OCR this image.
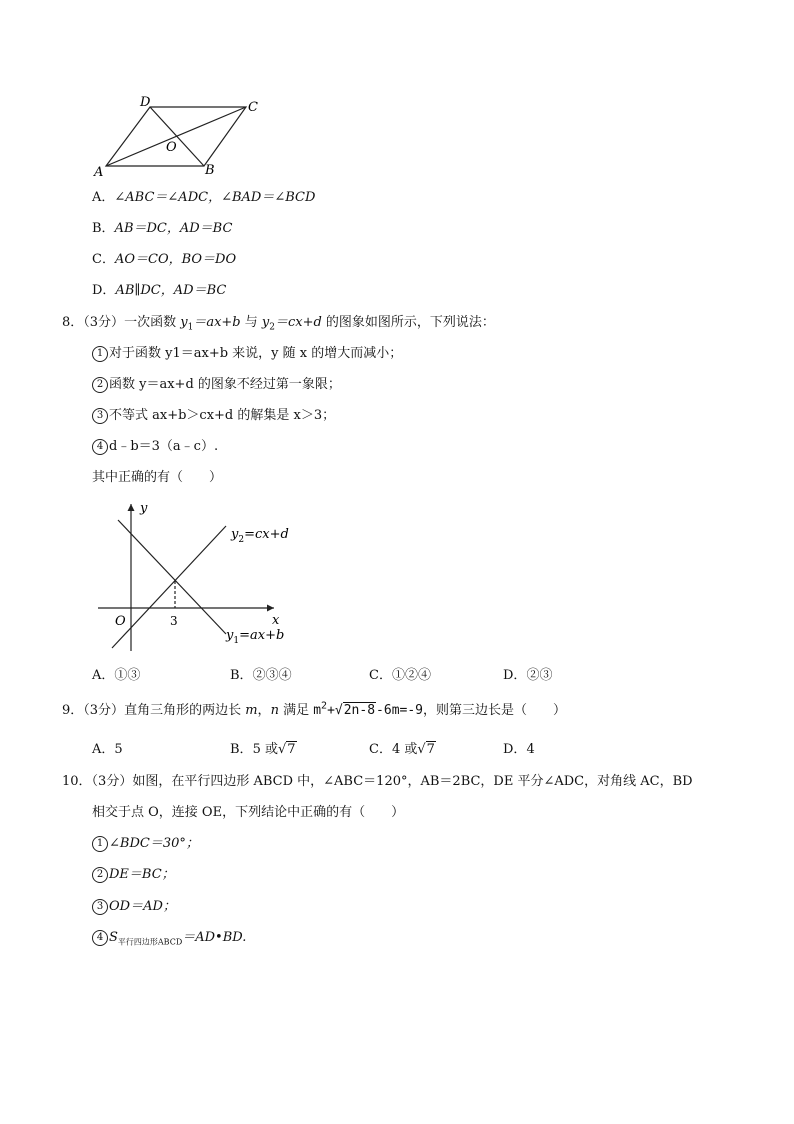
D	C
A	B
O
A．∠ABC＝∠ADC，∠BAD＝∠BCD
B．AB＝DC，AD＝BC
C．AO＝CO，BO＝DO
D．AB∥DC，AD＝BC
8．（3分）一次函数 $y_1=ax+b$ 与 $y_2=cx+d$ 的图象如图所示，下列说法：
1 对于函数 y1＝ax+b 来说，y 随 x 的增大而减小；
2 函数 y＝ax+d 的图象不经过第一象限；
3 不等式 ax+b＞cx+d 的解集是 x＞3；
4 d﹣b＝3（a﹣c）.
其中正确的有（　　）
y
x
O	3
$y_2=cx+d$
$y_1=ax+b$
A．①③	B．②③④	C．①②④	D．②③
9．（3分）直角三角形的两边长 m，n 满足 $m^2+√2n-8-6m=-9$，则第三边长是（　　）
A．5	B．5 或√7	C．4 或√7	D．4
10．（3分）如图，在平行四边形 ABCD 中，∠ABC＝120°，AB＝2BC，DE 平分∠ADC，对角线 AC，BD
相交于点 O，连接 OE，下列结论中正确的有（　　）
1 ∠BDC＝30°；
2 DE＝BC；
3 OD＝AD；
4 $S_{平行四边形ABCD}=AD•BD$.
